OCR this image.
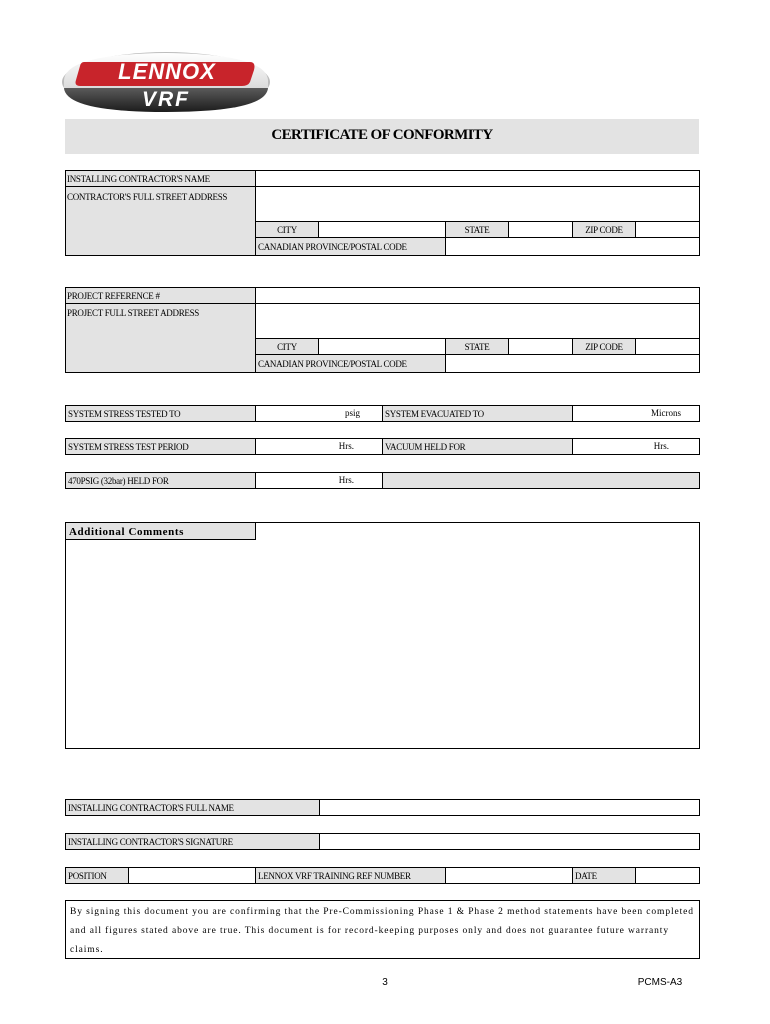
LENNOX
VRF
CERTIFICATE OF CONFORMITY
INSTALLING CONTRACTOR'S NAME
CONTRACTOR'S FULL STREET ADDRESS
CITY	STATE	ZIP CODE
CANADIAN PROVINCE/POSTAL CODE
PROJECT REFERENCE #
PROJECT FULL STREET ADDRESS
CITY	STATE	ZIP CODE
CANADIAN PROVINCE/POSTAL CODE
SYSTEM STRESS TESTED TO	psig	SYSTEM EVACUATED TO	Microns
SYSTEM STRESS TEST PERIOD	Hrs.	VACUUM HELD FOR	Hrs.
470PSIG (32bar) HELD FOR	Hrs.
Additional Comments
INSTALLING CONTRACTOR'S FULL NAME
INSTALLING CONTRACTOR'S SIGNATURE
POSITION	LENNOX VRF TRAINING REF NUMBER	DATE
By signing this document you are confirming that the Pre-Commissioning Phase 1 & Phase 2 method statements have been completed and all figures stated above are true. This document is for record-keeping purposes only and does not guarantee future warranty claims.
3	PCMS-A3
